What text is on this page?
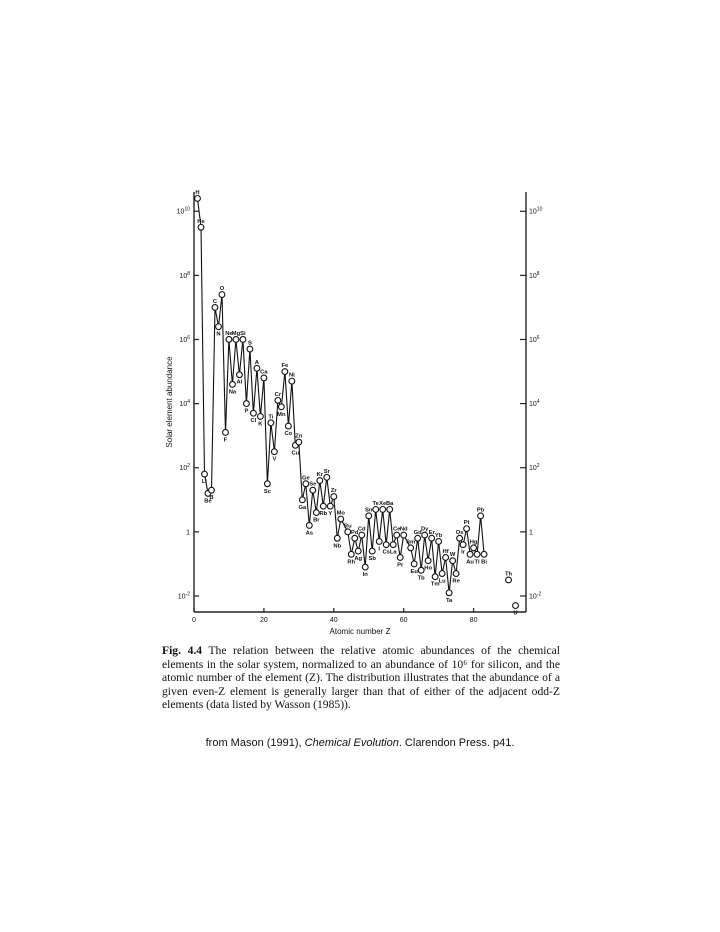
$10^{10}$	$10^{10}$
$10^8$	$10^8$
$10^6$	$10^6$
$10^4$	$10^4$
$10^2$	$10^2$
1	1
$10^{-2}$	$10^{-2}$
0	20	40	60	80
Atomic number Z
Solar element abundance
H
He
Li
Be
B
C
N
O
F
Ne
Na
Mg
Al
Si
P
S
Cl
A
K
Ca
Sc
Ti
V
Cr
Mn
Fe
Co
Ni
Cu
Zn
Ga
Ge
As
Se
Br
Kr
Rb
Sr
Y
Zr
Nb
Mo
Ru
Rh
Pd
Ag
Cd
In
Sn
Sb
Te
I
Xe
Cs
Ba
La
Ce
Pr
Nd
Sm
Eu
Gd
Tb
Dy
Ho
Er
Tm
Yb
Lu
Hf
Ta
W
Re
Os
Ir
Pt
Au
Hg
Tl
Pb
Bi
Th
U
Fig. 4.4 The relation between the relative atomic abundances of the chemical elements in the solar system, normalized to an abundance of 10⁶ for silicon, and the atomic number of the element (Z). The distribution illustrates that the abundance of a given even-Z element is generally larger than that of either of the adjacent odd-Z elements (data listed by Wasson (1985)).
from Mason (1991), Chemical Evolution. Clarendon Press. p41.
